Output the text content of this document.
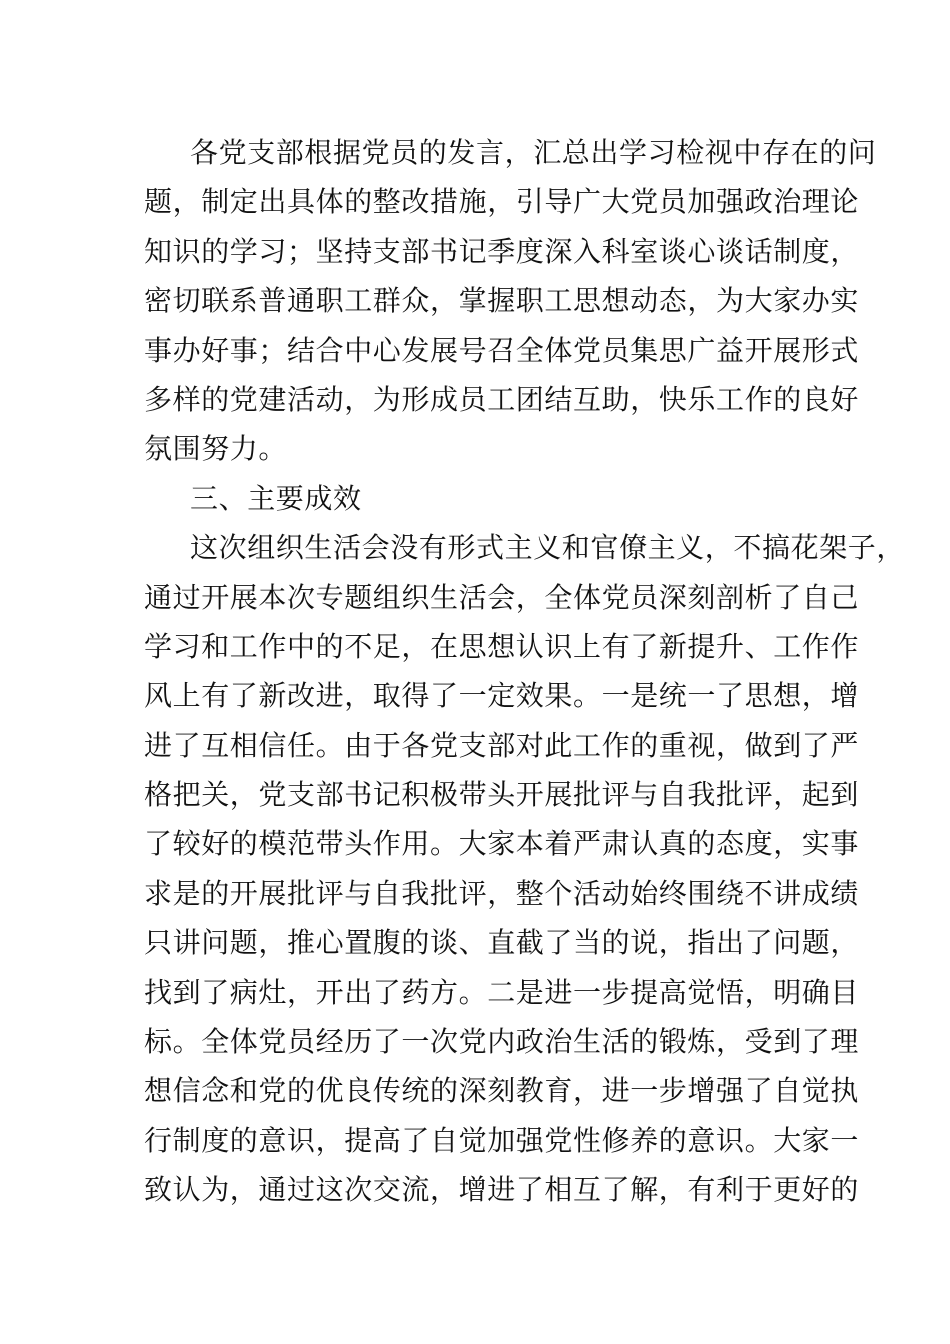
各党支部根据党员的发言，汇总出学习检视中存在的问
题，制定出具体的整改措施，引导广大党员加强政治理论
知识的学习；坚持支部书记季度深入科室谈心谈话制度，
密切联系普通职工群众，掌握职工思想动态，为大家办实
事办好事；结合中心发展号召全体党员集思广益开展形式
多样的党建活动，为形成员工团结互助，快乐工作的良好
氛围努力。
三、主要成效
这次组织生活会没有形式主义和官僚主义，不搞花架子，
通过开展本次专题组织生活会，全体党员深刻剖析了自己
学习和工作中的不足，在思想认识上有了新提升、工作作
风上有了新改进，取得了一定效果。一是统一了思想，增
进了互相信任。由于各党支部对此工作的重视，做到了严
格把关，党支部书记积极带头开展批评与自我批评，起到
了较好的模范带头作用。大家本着严肃认真的态度，实事
求是的开展批评与自我批评，整个活动始终围绕不讲成绩
只讲问题，推心置腹的谈、直截了当的说，指出了问题，
找到了病灶，开出了药方。二是进一步提高觉悟，明确目
标。全体党员经历了一次党内政治生活的锻炼，受到了理
想信念和党的优良传统的深刻教育，进一步增强了自觉执
行制度的意识，提高了自觉加强党性修养的意识。大家一
致认为，通过这次交流，增进了相互了解，有利于更好的
